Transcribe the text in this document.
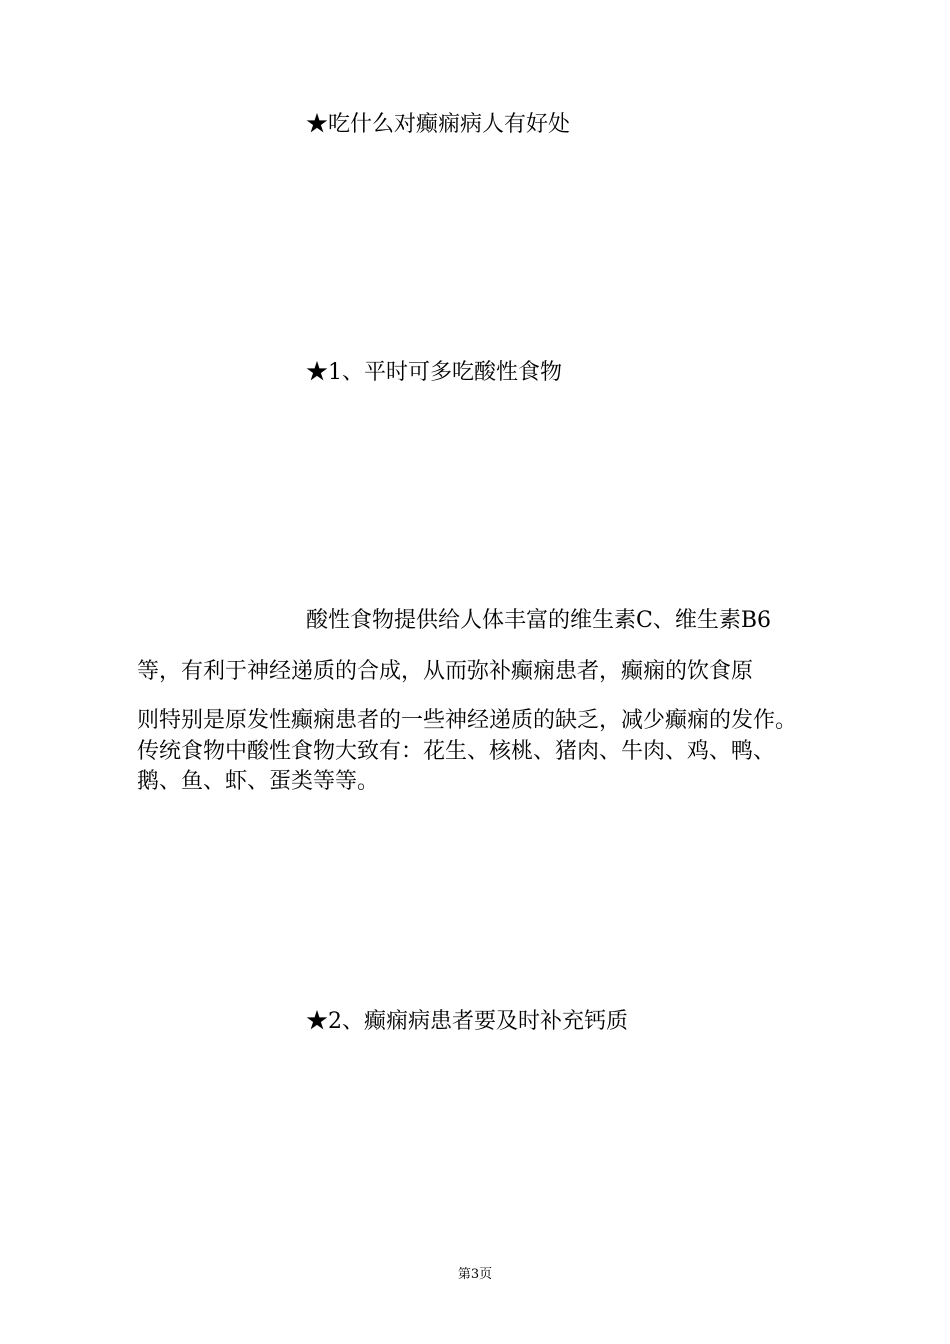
★吃什么对癫痫病人有好处

★1、平时可多吃酸性食物

酸性食物提供给人体丰富的维生素C、维生素B6

等，有利于神经递质的合成，从而弥补癫痫患者，癫痫的饮食原

则特别是原发性癫痫患者的一些神经递质的缺乏，减少癫痫的发作。

传统食物中酸性食物大致有：花生、核桃、猪肉、牛肉、鸡、鸭、

鹅、鱼、虾、蛋类等等。

★2、癫痫病患者要及时补充钙质

第3页
